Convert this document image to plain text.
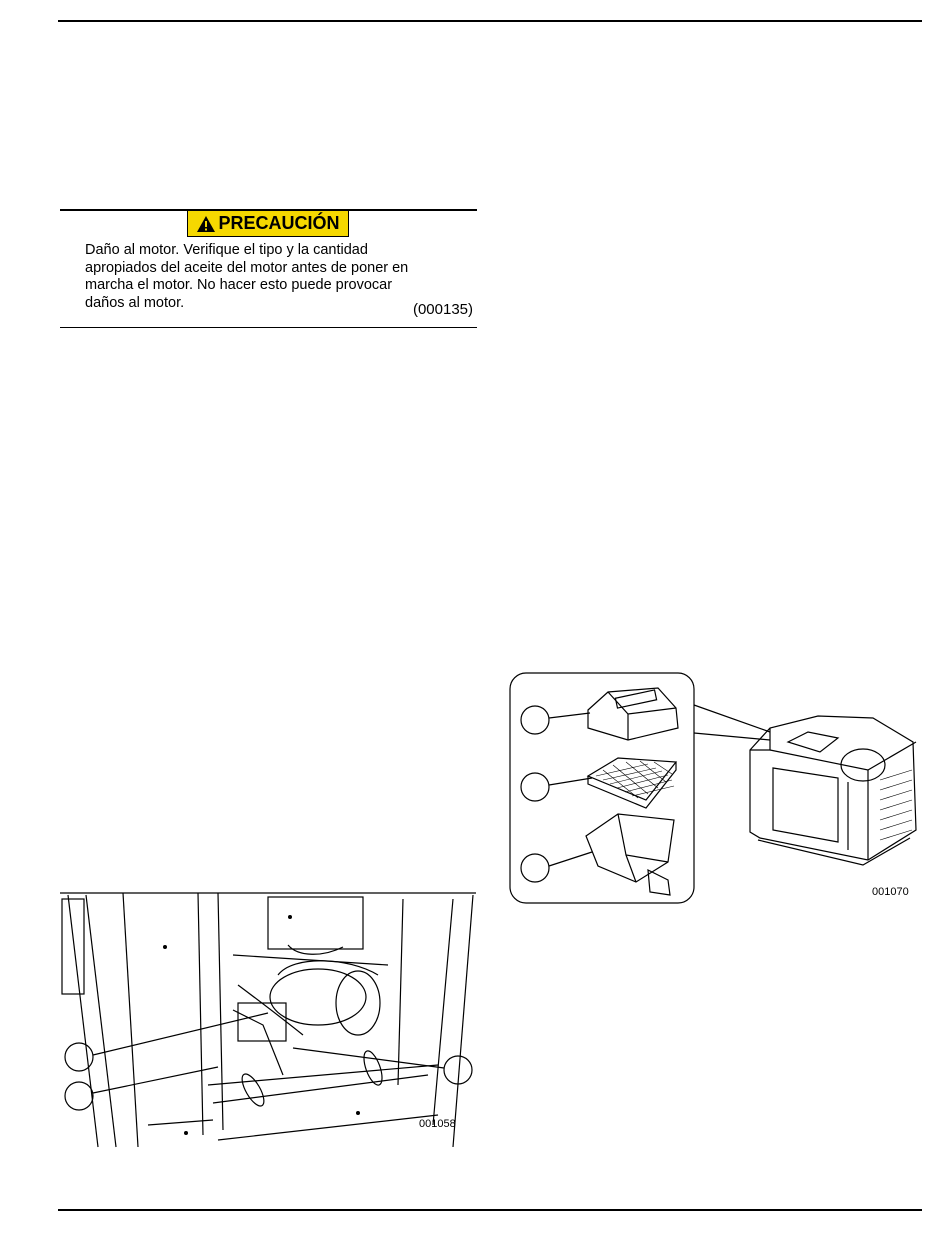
PRECAUCIÓN
Daño al motor. Verifique el tipo y la cantidad
apropiados del aceite del motor antes de poner en
marcha el motor. No hacer esto puede provocar
daños al motor.	(000135)
001058
001070
